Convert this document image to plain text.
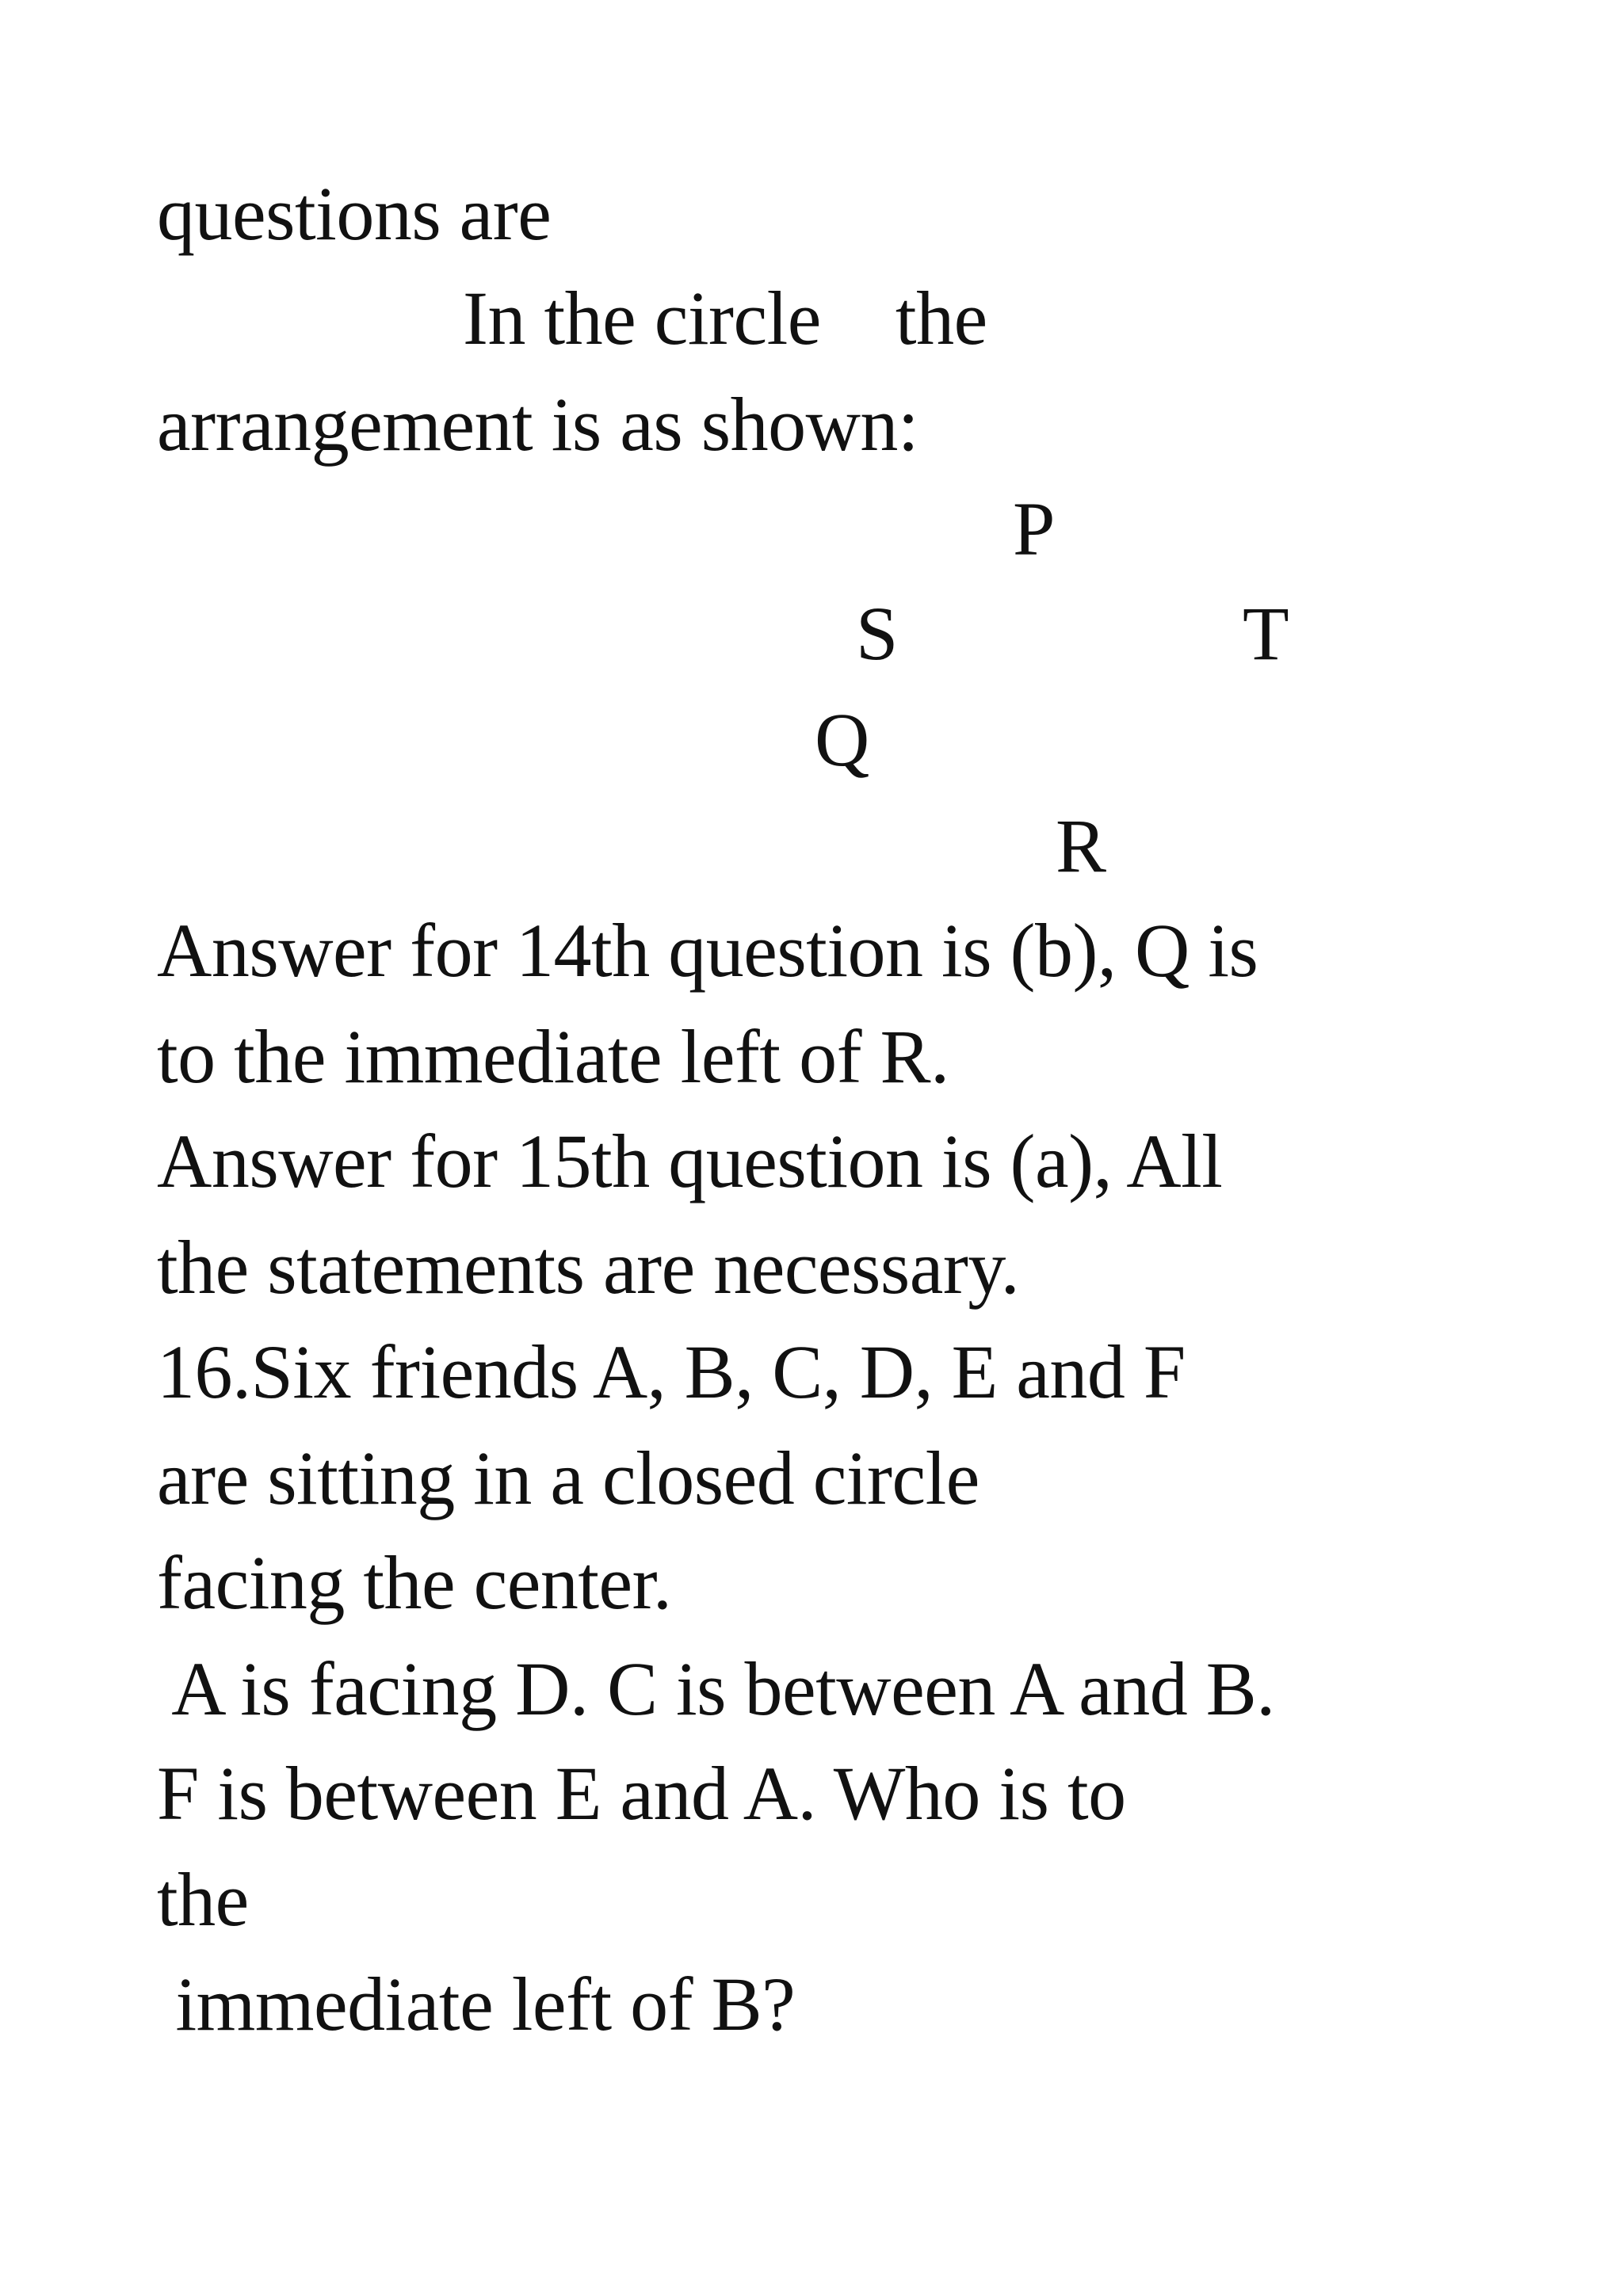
questions are
In the circle    the
arrangement is as shown:
P
S	T
Q
R
Answer for 14th question is (b), Q is
to the immediate left of R.
Answer for 15th question is (a), All
the statements are necessary.
16.Six friends A, B, C, D, E and F
are sitting in a closed circle
facing the center.
A is facing D. C is between A and B.
F is between E and A. Who is to
the
immediate left of B?
